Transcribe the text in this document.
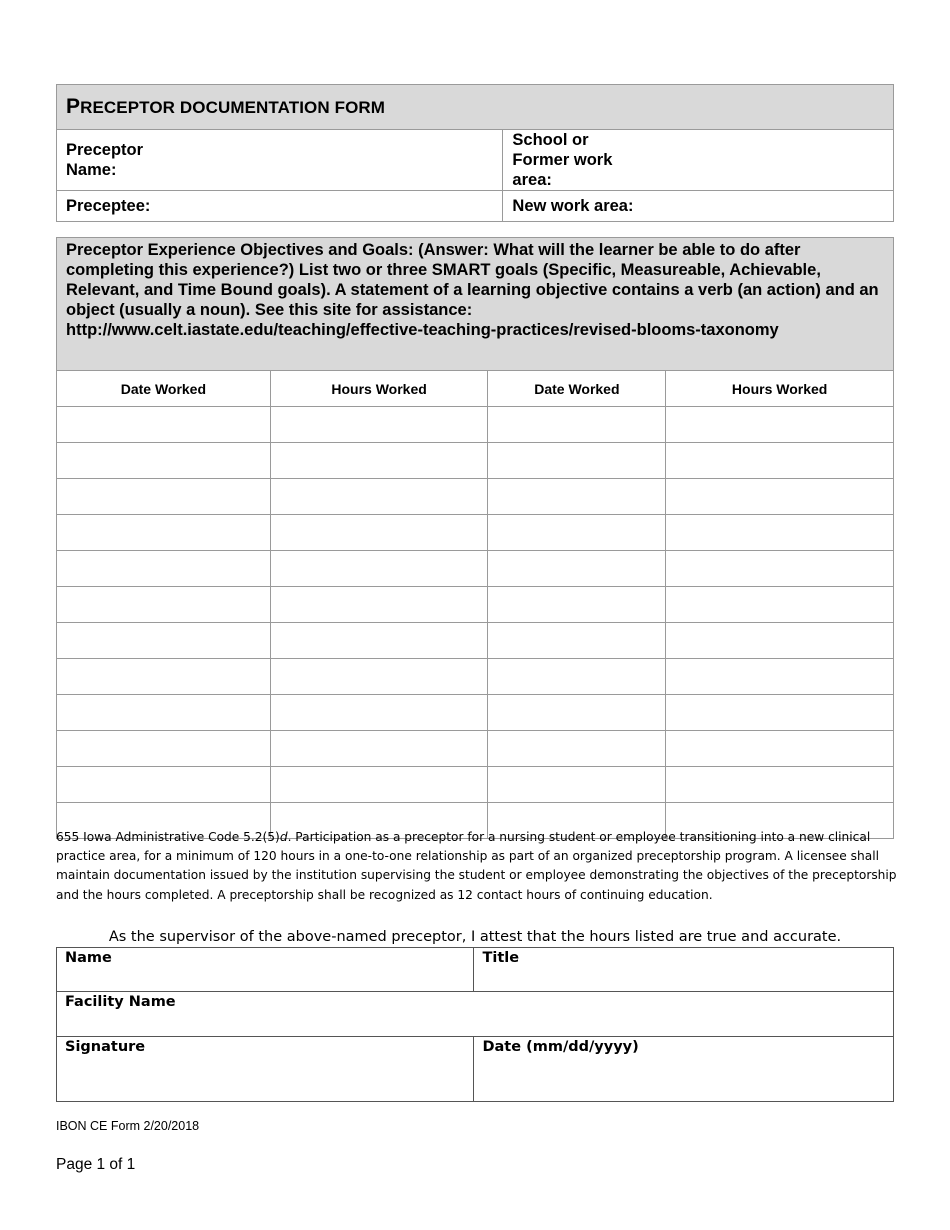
PRECEPTOR DOCUMENTATION FORM	

Preceptor Name:	School or Former work area:

Preceptee:	New work area:
Preceptor Experience Objectives and Goals: (Answer: What will the learner be able to do after completing this experience?) List two or three SMART goals (Specific, Measureable, Achievable, Relevant, and Time Bound goals). A statement of a learning objective contains a verb (an action) and an object (usually a noun). See this site for assistance:
http://www.celt.iastate.edu/teaching/effective-teaching-practices/revised-blooms-taxonomy			

Date Worked	Hours Worked	Date Worked	Hours Worked

655 Iowa Administrative Code 5.2(5)d. Participation as a preceptor for a nursing student or employee transitioning into a new clinical practice area, for a minimum of 120 hours in a one-to-one relationship as part of an organized preceptorship program. A licensee shall maintain documentation issued by the institution supervising the student or employee demonstrating the objectives of the preceptorship and the hours completed. A preceptorship shall be recognized as 12 contact hours of continuing education.
As the supervisor of the above-named preceptor, I attest that the hours listed are true and accurate.
Name	Title
Facility Name	
Signature	Date (mm/dd/yyyy)
IBON CE Form 2/20/2018
Page 1 of 1
